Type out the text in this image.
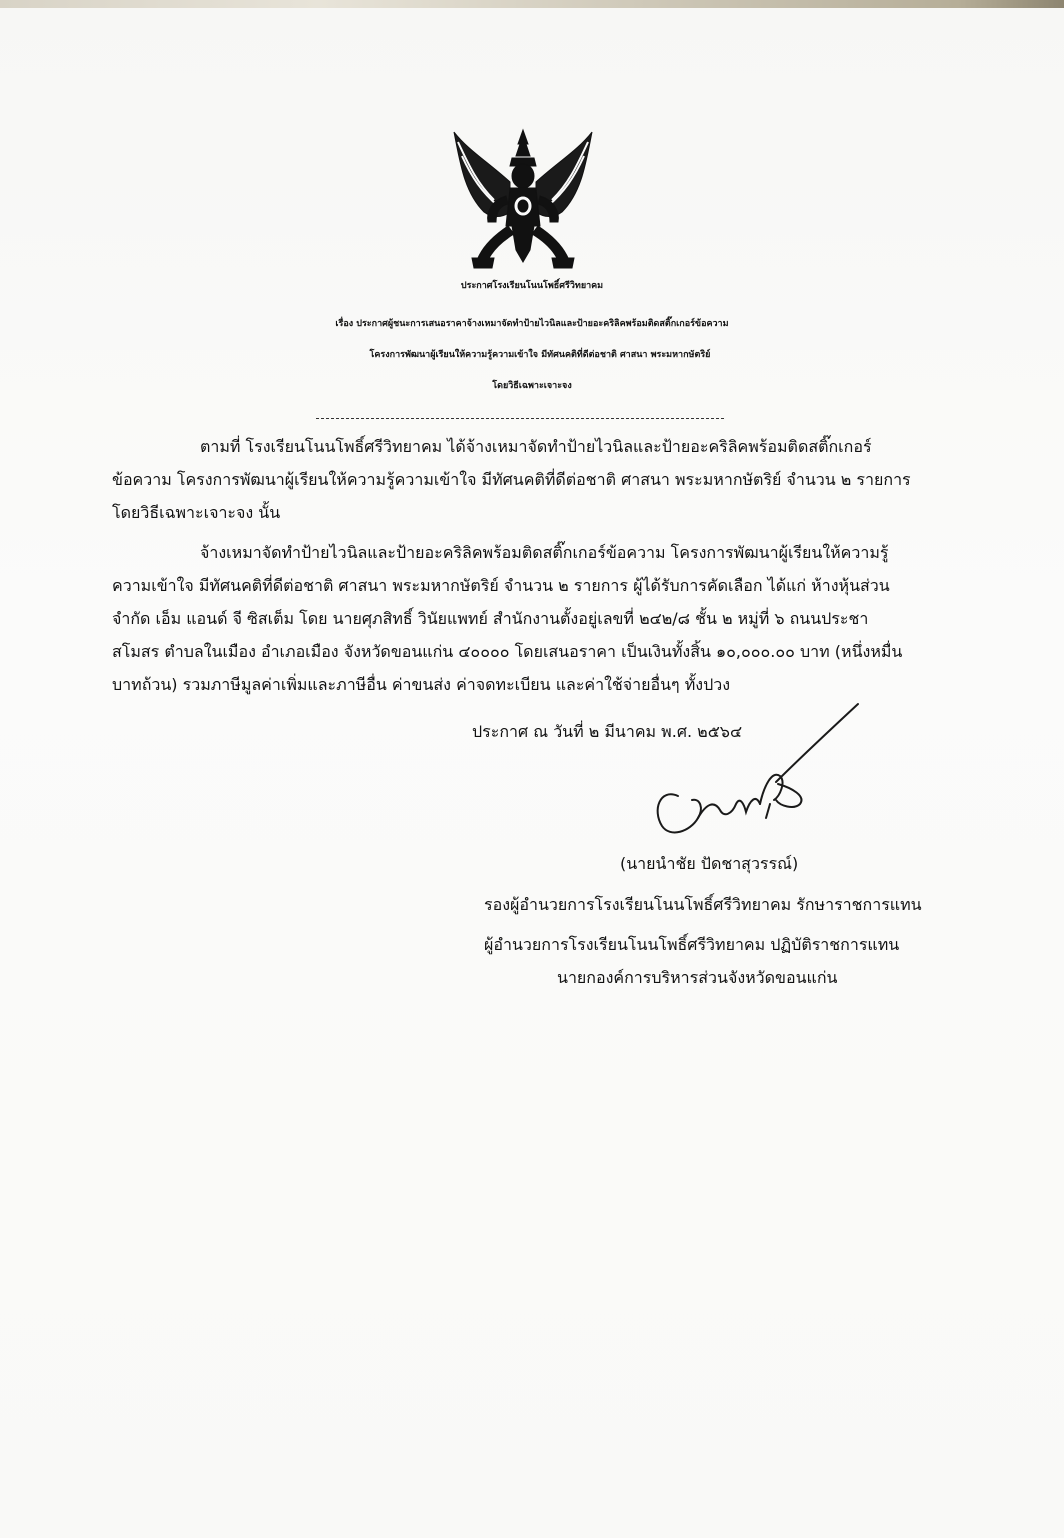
ประกาศโรงเรียนโนนโพธิ์ศรีวิทยาคม
เรื่อง ประกาศผู้ชนะการเสนอราคาจ้างเหมาจัดทำป้ายไวนิลและป้ายอะคริลิคพร้อมติดสติ๊กเกอร์ข้อความ
โครงการพัฒนาผู้เรียนให้ความรู้ความเข้าใจ มีทัศนคติที่ดีต่อชาติ ศาสนา พระมหากษัตริย์
โดยวิธีเฉพาะเจาะจง
ตามที่ โรงเรียนโนนโพธิ์ศรีวิทยาคม ได้จ้างเหมาจัดทำป้ายไวนิลและป้ายอะคริลิคพร้อมติดสติ๊กเกอร์
ข้อความ โครงการพัฒนาผู้เรียนให้ความรู้ความเข้าใจ มีทัศนคติที่ดีต่อชาติ ศาสนา พระมหากษัตริย์ จำนวน ๒ รายการ
โดยวิธีเฉพาะเจาะจง นั้น
จ้างเหมาจัดทำป้ายไวนิลและป้ายอะคริลิคพร้อมติดสติ๊กเกอร์ข้อความ โครงการพัฒนาผู้เรียนให้ความรู้
ความเข้าใจ มีทัศนคติที่ดีต่อชาติ ศาสนา พระมหากษัตริย์ จำนวน ๒ รายการ ผู้ได้รับการคัดเลือก ได้แก่ ห้างหุ้นส่วน
จำกัด เอ็ม แอนด์ จี ซิสเต็ม โดย นายศุภสิทธิ์ วินัยแพทย์ สำนักงานตั้งอยู่เลขที่ ๒๔๒/๘ ชั้น ๒ หมู่ที่ ๖ ถนนประชา
สโมสร ตำบลในเมือง อำเภอเมือง จังหวัดขอนแก่น ๔๐๐๐๐ โดยเสนอราคา เป็นเงินทั้งสิ้น ๑๐,๐๐๐.๐๐ บาท (หนึ่งหมื่น
บาทถ้วน) รวมภาษีมูลค่าเพิ่มและภาษีอื่น ค่าขนส่ง ค่าจดทะเบียน และค่าใช้จ่ายอื่นๆ ทั้งปวง
ประกาศ ณ วันที่ ๒ มีนาคม พ.ศ. ๒๕๖๔
(นายนำชัย ปัดชาสุวรรณ์)
รองผู้อำนวยการโรงเรียนโนนโพธิ์ศรีวิทยาคม รักษาราชการแทน
ผู้อำนวยการโรงเรียนโนนโพธิ์ศรีวิทยาคม ปฏิบัติราชการแทน
นายกองค์การบริหารส่วนจังหวัดขอนแก่น
